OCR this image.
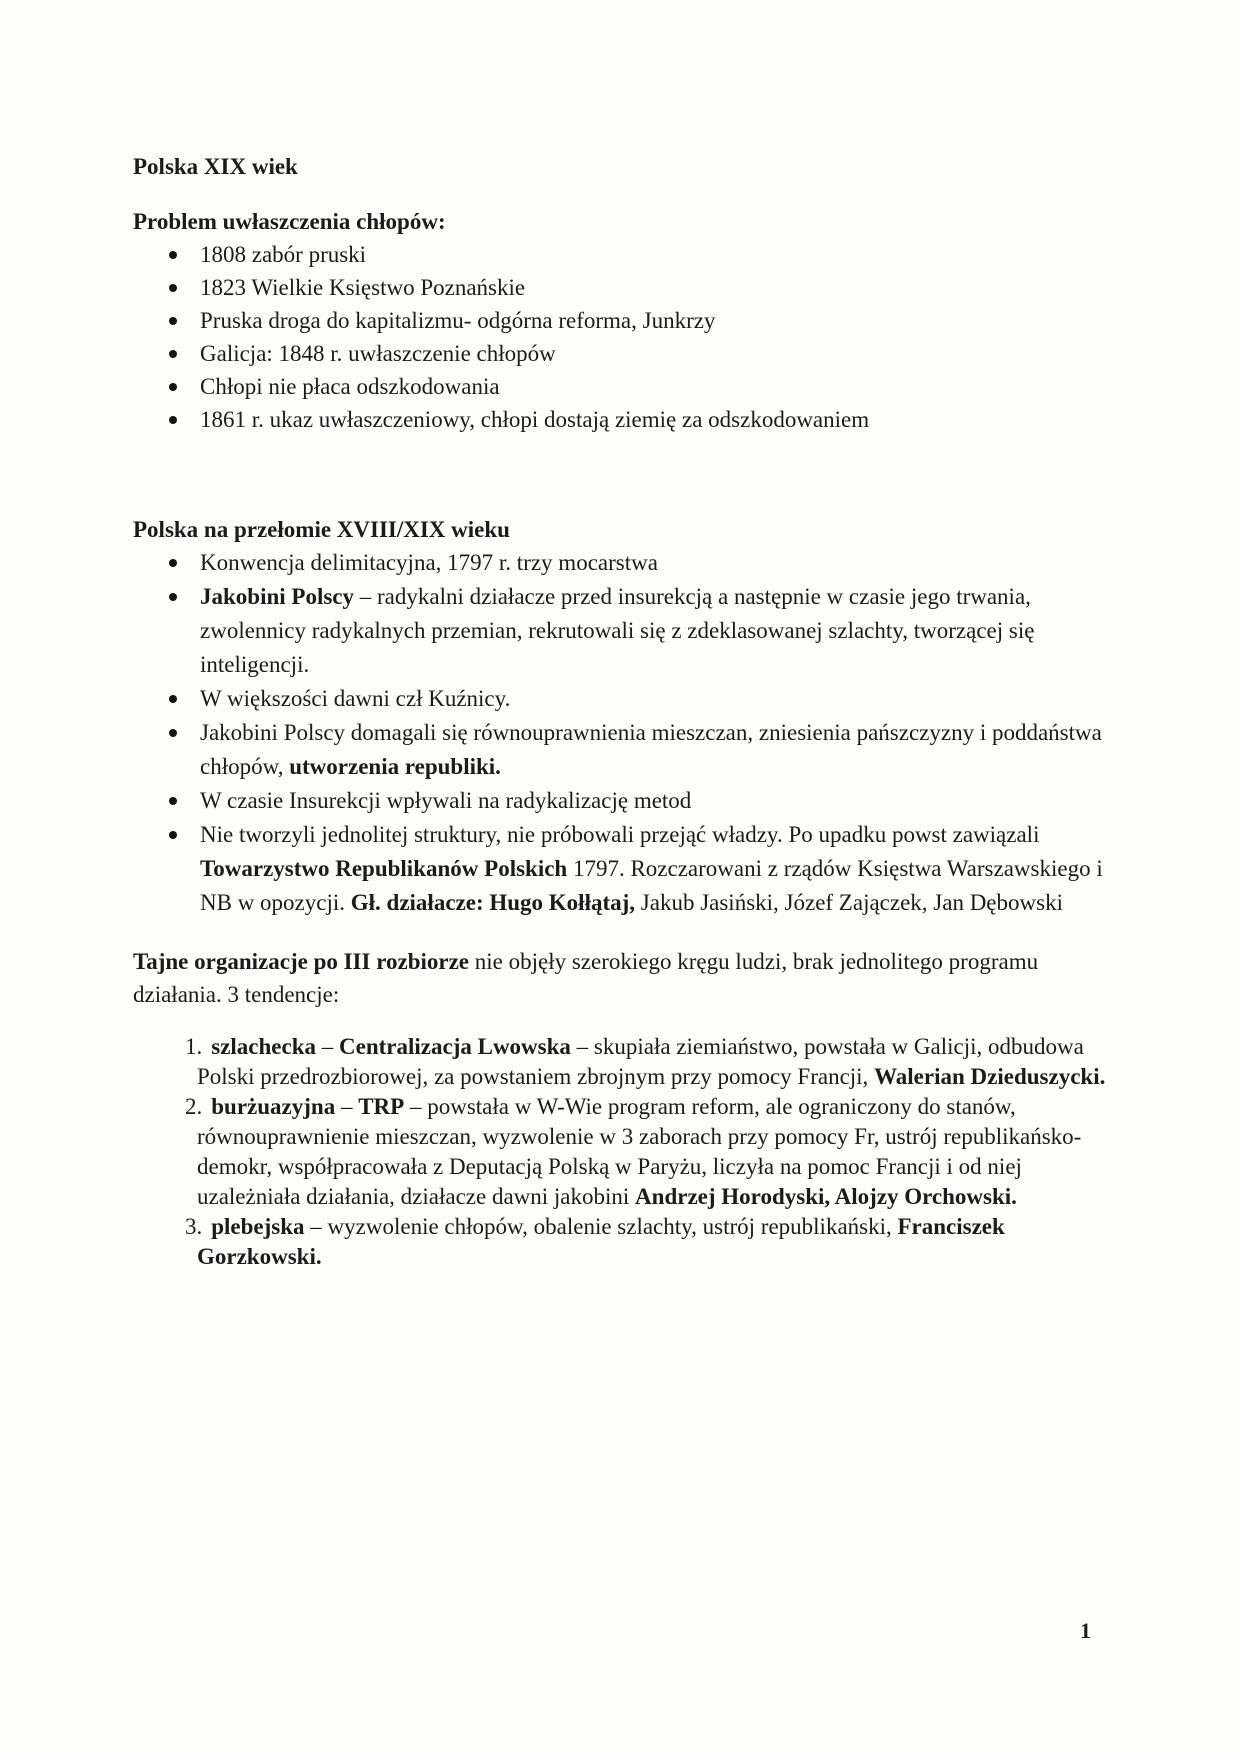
Polska XIX wiek

Problem uwłaszczenia chłopów:

1808 zabór pruski
1823 Wielkie Księstwo Poznańskie
Pruska droga do kapitalizmu- odgórna reforma, Junkrzy
Galicja: 1848 r. uwłaszczenie chłopów
Chłopi nie płaca odszkodowania
1861 r. ukaz uwłaszczeniowy, chłopi dostają ziemię za odszkodowaniem

Polska na przełomie XVIII/XIX wieku

Konwencja delimitacyjna, 1797 r. trzy mocarstwa
Jakobini Polscy – radykalni działacze przed insurekcją a następnie w czasie jego trwania, zwolennicy radykalnych przemian, rekrutowali się z zdeklasowanej szlachty, tworzącej się inteligencji.
W większości dawni czł Kuźnicy.
Jakobini Polscy domagali się równouprawnienia mieszczan, zniesienia pańszczyzny i poddaństwa chłopów, utworzenia republiki.
W czasie Insurekcji wpływali na radykalizację metod
Nie tworzyli jednolitej struktury, nie próbowali przejąć władzy. Po upadku powst zawiązali Towarzystwo Republikanów Polskich 1797. Rozczarowani z rządów Księstwa Warszawskiego i NB w opozycji. Gł. działacze: Hugo Kołłątaj, Jakub Jasiński, Józef Zajączek, Jan Dębowski

Tajne organizacje po III rozbiorze nie objęły szerokiego kręgu ludzi, brak jednolitego programu działania. 3 tendencje:

1. szlachecka – Centralizacja Lwowska – skupiała ziemiaństwo, powstała w Galicji, odbudowa Polski przedrozbiorowej, za powstaniem zbrojnym przy pomocy Francji, Walerian Dzieduszycki.
2. burżuazyjna – TRP – powstała w W-Wie program reform, ale ograniczony do stanów, równouprawnienie mieszczan, wyzwolenie w 3 zaborach przy pomocy Fr, ustrój republikańsko-demokr, współpracowała z Deputacją Polską w Paryżu, liczyła na pomoc Francji i od niej uzależniała działania, działacze dawni jakobini Andrzej Horodyski, Alojzy Orchowski.
3. plebejska – wyzwolenie chłopów, obalenie szlachty, ustrój republikański, Franciszek Gorzkowski.
1
